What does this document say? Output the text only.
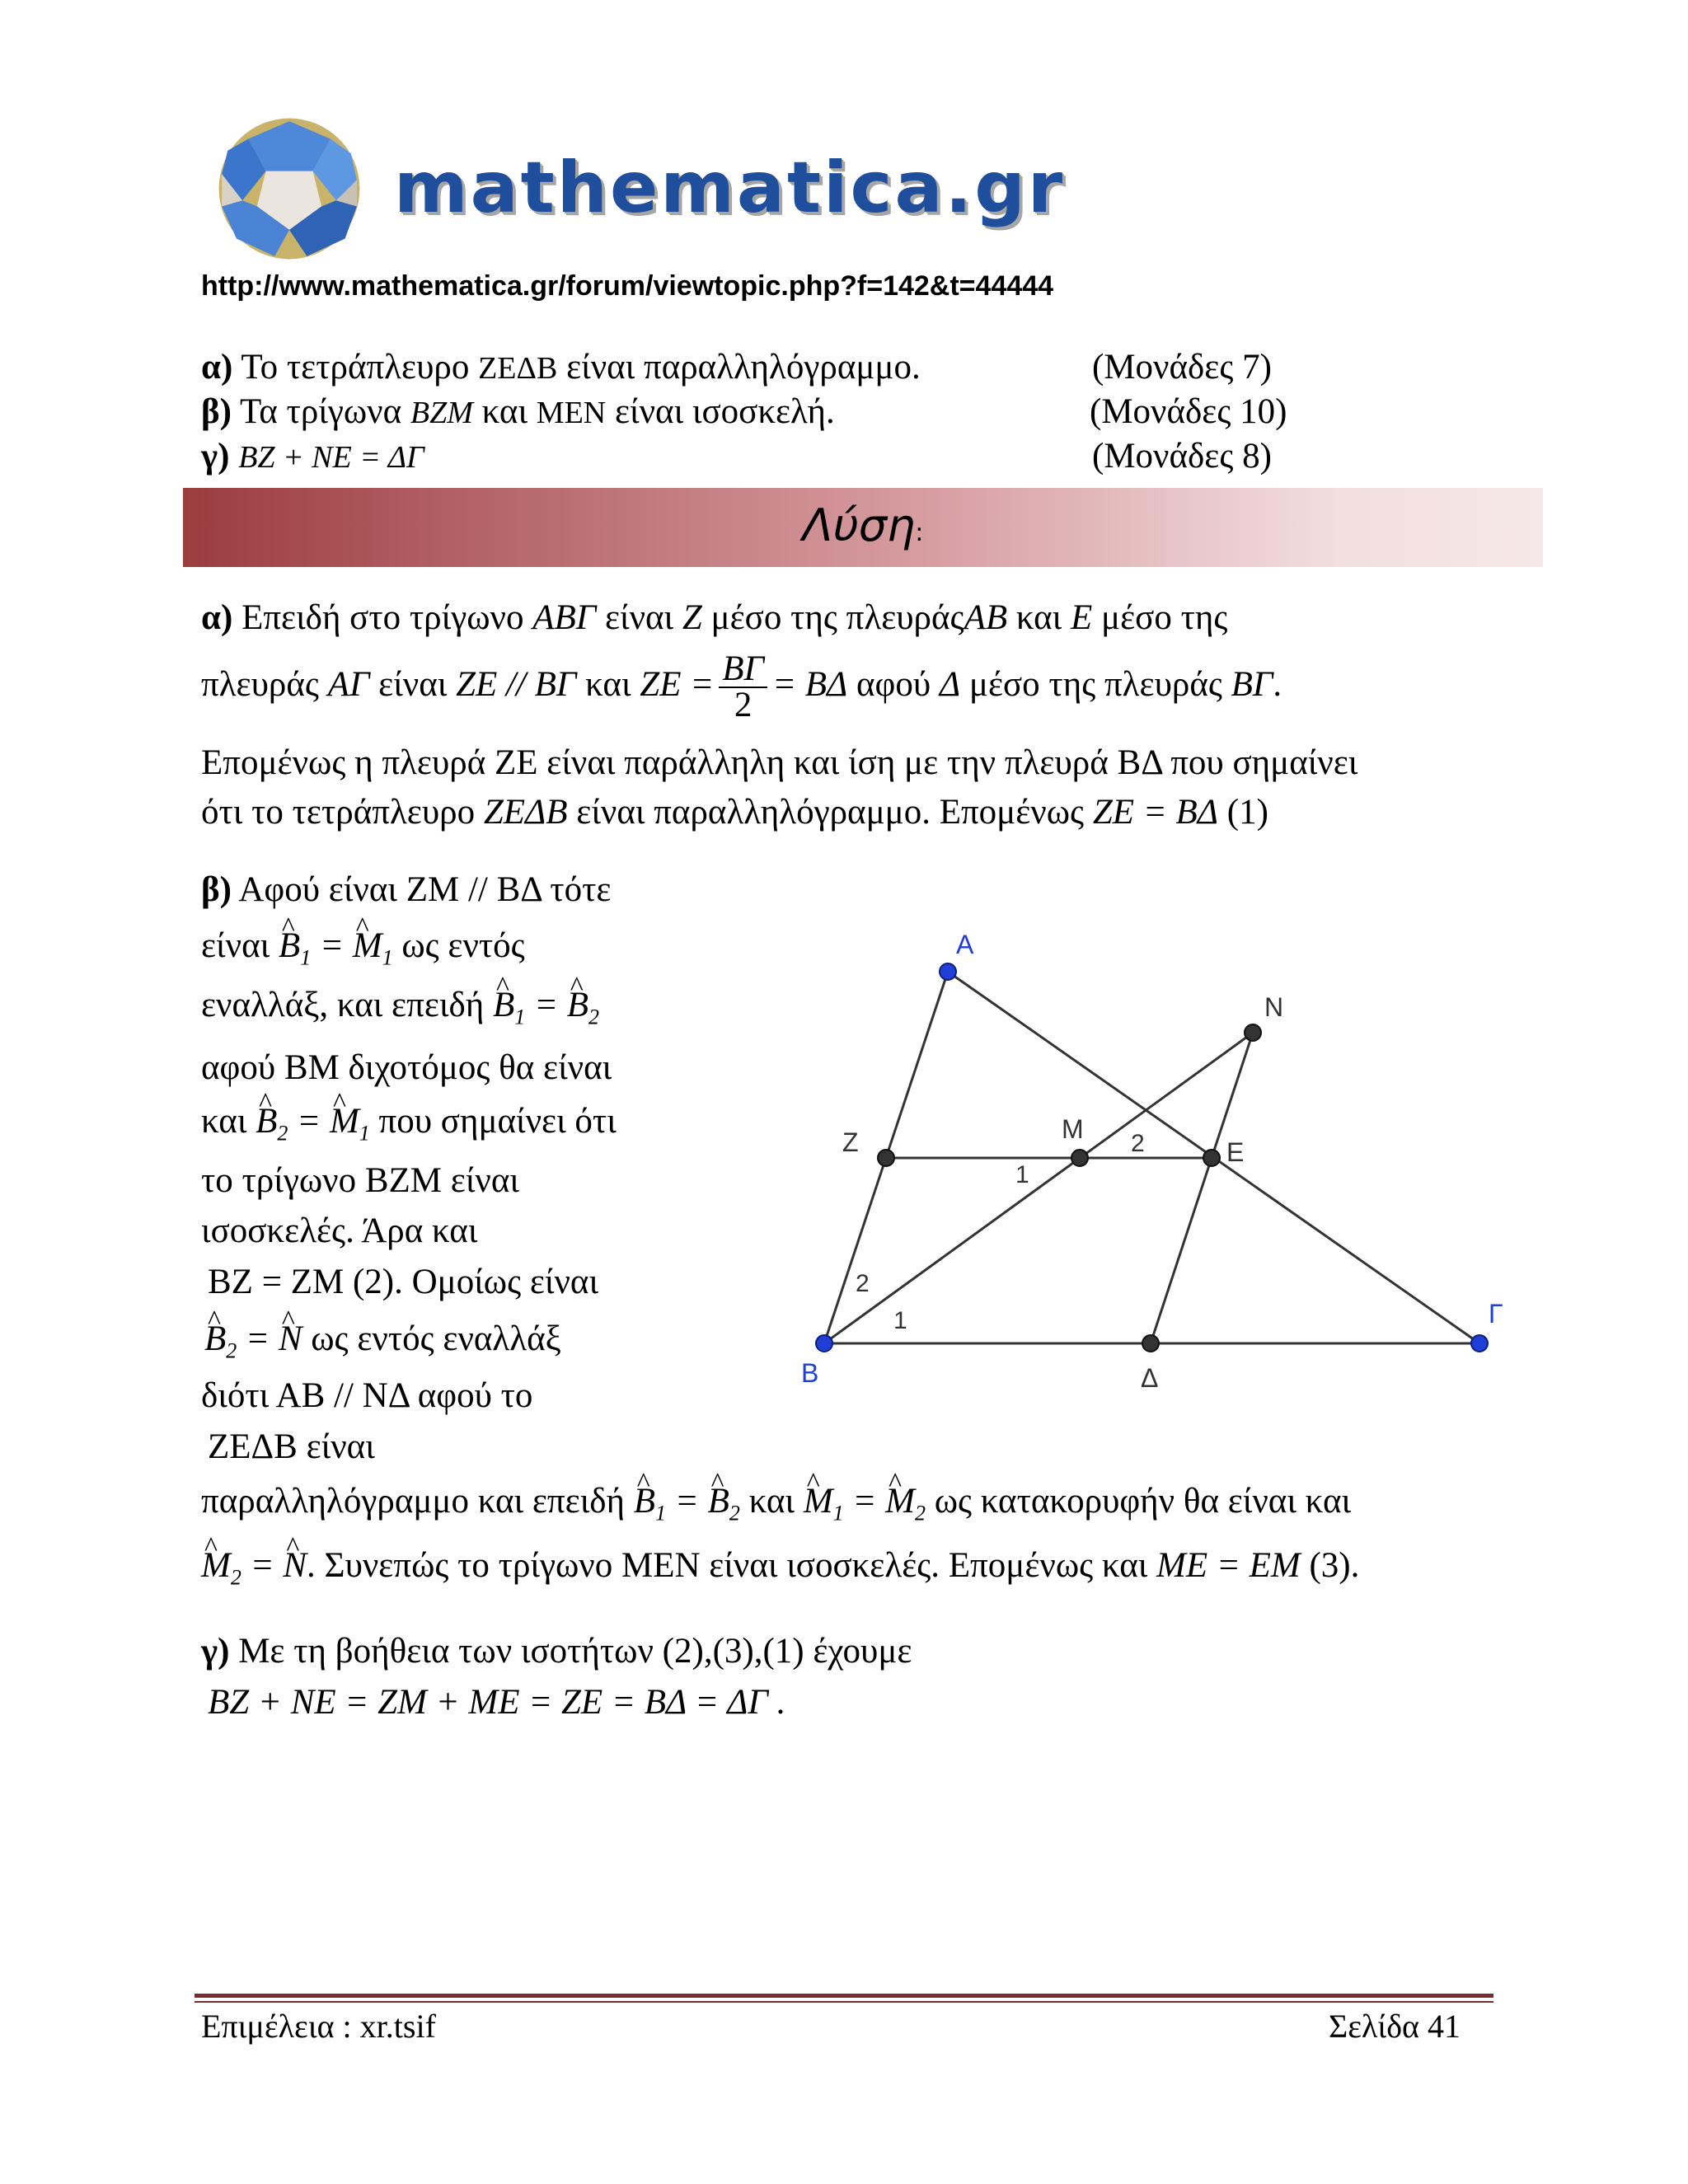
mathematica.gr
http://www.mathematica.gr/forum/viewtopic.php?f=142&t=44444
α) Το τετράπλευρο ΖΕΔΒ είναι παραλληλόγραμμο.	(Μονάδες 7)
β) Τα τρίγωνα ΒΖΜ και ΜΕΝ είναι ισοσκελή.	(Μονάδες 10)
γ) ΒΖ + ΝΕ = ΔΓ	(Μονάδες 8)
Λύση:
α) Επειδή στο τρίγωνο ΑΒΓ είναι Ζ μέσο της πλευράςΑΒ και Ε μέσο της
πλευράς ΑΓ είναι ΖΕ // ΒΓ και $ZE = \frac{B\Gamma}{2} = B\Delta$ αφού Δ μέσο της πλευράς ΒΓ.
Επομένως η πλευρά ΖΕ είναι παράλληλη και ίση με την πλευρά ΒΔ που σημαίνει
ότι το τετράπλευρο ΖΕΔΒ είναι παραλληλόγραμμο. Επομένως ΖΕ = ΒΔ (1)
β) Αφού είναι ΖΜ // ΒΔ τότε
είναι ^ $B_1$ = ^ $M_1$ ως εντός
εναλλάξ, και επειδή ^ $B_1$ = ^ $B_2$
αφού ΒΜ διχοτόμος θα είναι
και ^ $B_2$ = ^ $M_1$ που σημαίνει ότι
το τρίγωνο ΒΖΜ είναι
ισοσκελές. Άρα και
ΒΖ = ΖΜ (2). Ομοίως είναι
^ $B_2$ = ^ N ως εντός εναλλάξ
διότι ΑΒ // ΝΔ αφού το
ΖΕΔΒ είναι
παραλληλόγραμμο και επειδή ^ $B_1$ = ^ $B_2$ και ^ $M_1$ = ^ $M_2$ ως κατακορυφήν θα είναι και
^ $M_2$ = ^ N. Συνεπώς το τρίγωνο ΜΕΝ είναι ισοσκελές. Επομένως και ΜΕ = ΕΜ (3).
γ) Με τη βοήθεια των ισοτήτων (2),(3),(1) έχουμε
ΒΖ + ΝΕ = ΖΜ + ΜΕ = ΖΕ = ΒΔ = ΔΓ .
1
2
2
1
Α
Ν
Ζ	Μ
Ε
Β	Δ
Γ
Επιμέλεια : xr.tsif	Σελίδα 41
